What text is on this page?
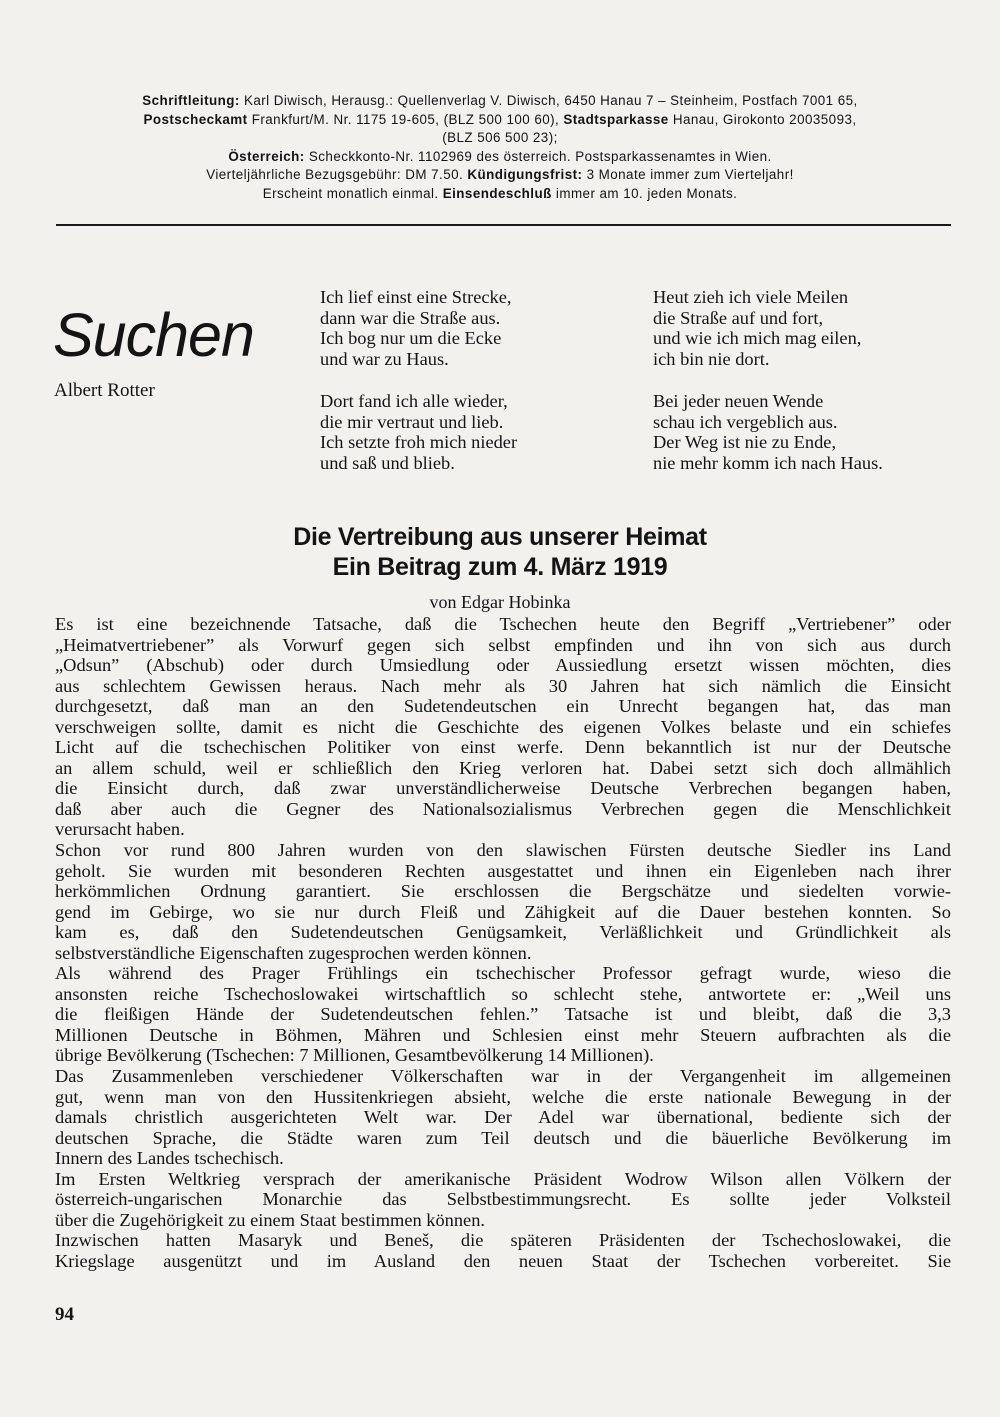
Schriftleitung: Karl Diwisch, Herausg.: Quellenverlag V. Diwisch, 6450 Hanau 7 – Steinheim, Postfach 7001 65,
Postscheckamt Frankfurt/M. Nr. 1175 19-605, (BLZ 500 100 60), Stadtsparkasse Hanau, Girokonto 20035093,
(BLZ 506 500 23);
Österreich: Scheckkonto-Nr. 1102969 des österreich. Postsparkassenamtes in Wien.
Vierteljährliche Bezugsgebühr: DM 7.50. Kündigungsfrist: 3 Monate immer zum Vierteljahr!
Erscheint monatlich einmal. Einsendeschluß immer am 10. jeden Monats.
Suchen
Albert Rotter
Ich lief einst eine Strecke,
dann war die Straße aus.
Ich bog nur um die Ecke
und war zu Haus.
Dort fand ich alle wieder,
die mir vertraut und lieb.
Ich setzte froh mich nieder
und saß und blieb.
Heut zieh ich viele Meilen
die Straße auf und fort,
und wie ich mich mag eilen,
ich bin nie dort.
Bei jeder neuen Wende
schau ich vergeblich aus.
Der Weg ist nie zu Ende,
nie mehr komm ich nach Haus.
Die Vertreibung aus unserer Heimat
Ein Beitrag zum 4. März 1919
von Edgar Hobinka
Es ist eine bezeichnende Tatsache, daß die Tschechen heute den Begriff „Vertriebener” oder
„Heimatvertriebener” als Vorwurf gegen sich selbst empfinden und ihn von sich aus durch
„Odsun” (Abschub) oder durch Umsiedlung oder Aussiedlung ersetzt wissen möchten, dies
aus schlechtem Gewissen heraus. Nach mehr als 30 Jahren hat sich nämlich die Einsicht
durchgesetzt, daß man an den Sudetendeutschen ein Unrecht begangen hat, das man
verschweigen sollte, damit es nicht die Geschichte des eigenen Volkes belaste und ein schiefes
Licht auf die tschechischen Politiker von einst werfe. Denn bekanntlich ist nur der Deutsche
an allem schuld, weil er schließlich den Krieg verloren hat. Dabei setzt sich doch allmählich
die Einsicht durch, daß zwar unverständlicherweise Deutsche Verbrechen begangen haben,
daß aber auch die Gegner des Nationalsozialismus Verbrechen gegen die Menschlichkeit
verursacht haben.
Schon vor rund 800 Jahren wurden von den slawischen Fürsten deutsche Siedler ins Land
geholt. Sie wurden mit besonderen Rechten ausgestattet und ihnen ein Eigenleben nach ihrer
herkömmlichen Ordnung garantiert. Sie erschlossen die Bergschätze und siedelten vorwie-
gend im Gebirge, wo sie nur durch Fleiß und Zähigkeit auf die Dauer bestehen konnten. So
kam es, daß den Sudetendeutschen Genügsamkeit, Verläßlichkeit und Gründlichkeit als
selbstverständliche Eigenschaften zugesprochen werden können.
Als während des Prager Frühlings ein tschechischer Professor gefragt wurde, wieso die
ansonsten reiche Tschechoslowakei wirtschaftlich so schlecht stehe, antwortete er: „Weil uns
die fleißigen Hände der Sudetendeutschen fehlen.” Tatsache ist und bleibt, daß die 3,3
Millionen Deutsche in Böhmen, Mähren und Schlesien einst mehr Steuern aufbrachten als die
übrige Bevölkerung (Tschechen: 7 Millionen, Gesamtbevölkerung 14 Millionen).
Das Zusammenleben verschiedener Völkerschaften war in der Vergangenheit im allgemeinen
gut, wenn man von den Hussitenkriegen absieht, welche die erste nationale Bewegung in der
damals christlich ausgerichteten Welt war. Der Adel war übernational, bediente sich der
deutschen Sprache, die Städte waren zum Teil deutsch und die bäuerliche Bevölkerung im
Innern des Landes tschechisch.
Im Ersten Weltkrieg versprach der amerikanische Präsident Wodrow Wilson allen Völkern der
österreich-ungarischen Monarchie das Selbstbestimmungsrecht. Es sollte jeder Volksteil
über die Zugehörigkeit zu einem Staat bestimmen können.
Inzwischen hatten Masaryk und Beneš, die späteren Präsidenten der Tschechoslowakei, die
Kriegslage ausgenützt und im Ausland den neuen Staat der Tschechen vorbereitet. Sie
94
